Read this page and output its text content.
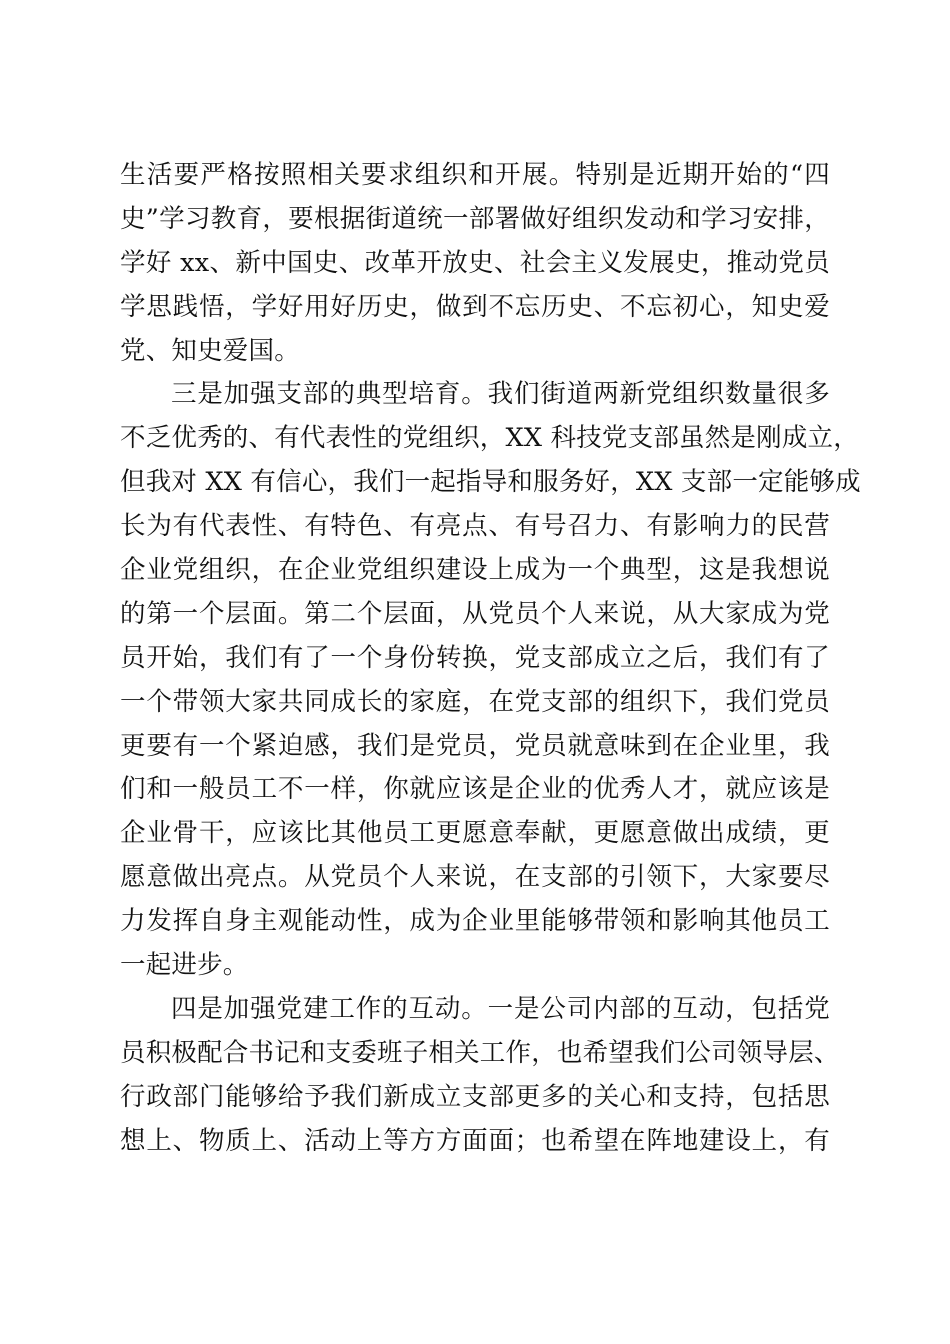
生活要严格按照相关要求组织和开展。特别是近期开始的“四
史”学习教育，要根据街道统一部署做好组织发动和学习安排，
学好 xx、新中国史、改革开放史、社会主义发展史，推动党员
学思践悟，学好用好历史，做到不忘历史、不忘初心，知史爱
党、知史爱国。
三是加强支部的典型培育。我们街道两新党组织数量很多
不乏优秀的、有代表性的党组织，XX 科技党支部虽然是刚成立，
但我对 XX 有信心，我们一起指导和服务好，XX 支部一定能够成
长为有代表性、有特色、有亮点、有号召力、有影响力的民营
企业党组织，在企业党组织建设上成为一个典型，这是我想说
的第一个层面。第二个层面，从党员个人来说，从大家成为党
员开始，我们有了一个身份转换，党支部成立之后，我们有了
一个带领大家共同成长的家庭，在党支部的组织下，我们党员
更要有一个紧迫感，我们是党员，党员就意味到在企业里，我
们和一般员工不一样，你就应该是企业的优秀人才，就应该是
企业骨干，应该比其他员工更愿意奉献，更愿意做出成绩，更
愿意做出亮点。从党员个人来说，在支部的引领下，大家要尽
力发挥自身主观能动性，成为企业里能够带领和影响其他员工
一起进步。
四是加强党建工作的互动。一是公司内部的互动，包括党
员积极配合书记和支委班子相关工作，也希望我们公司领导层、
行政部门能够给予我们新成立支部更多的关心和支持，包括思
想上、物质上、活动上等方方面面；也希望在阵地建设上，有
